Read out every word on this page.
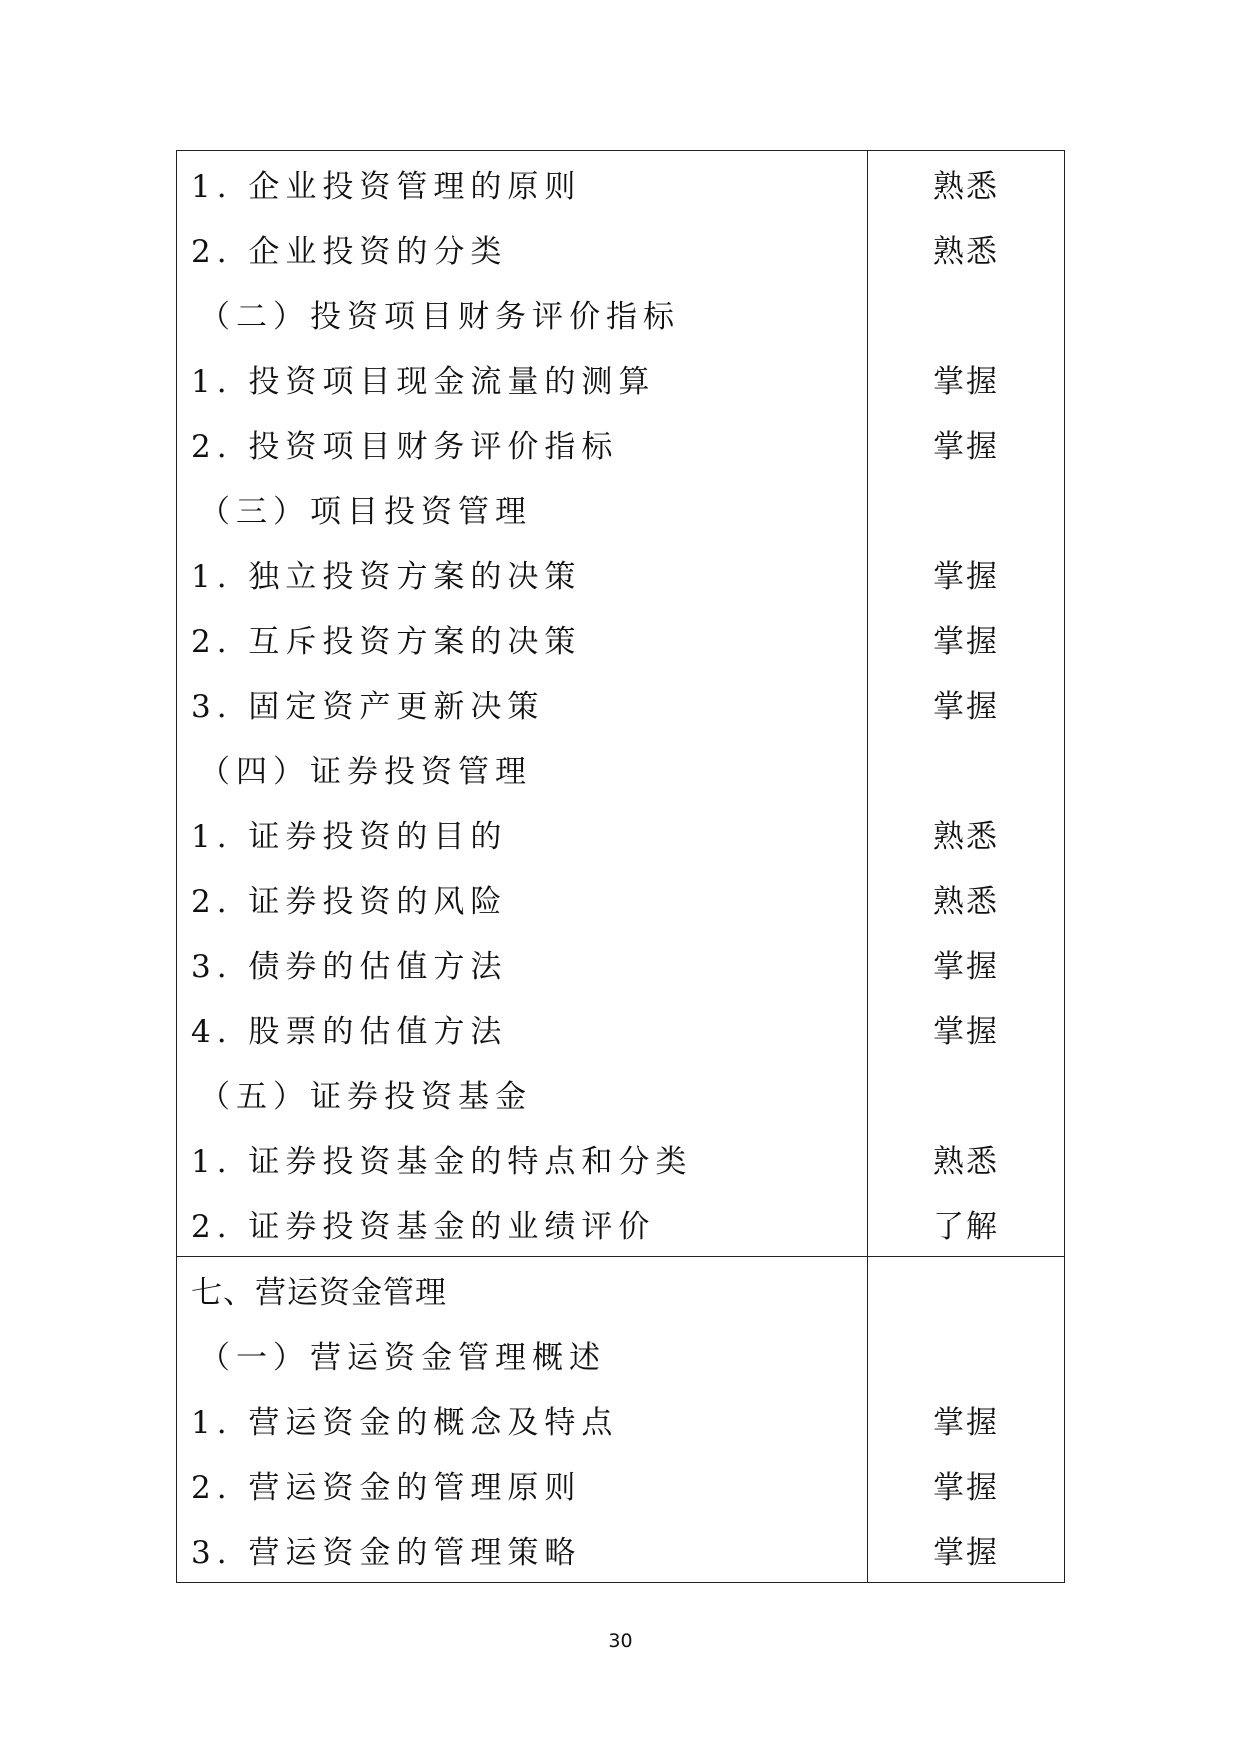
1. 企业投资管理的原则
2. 企业投资的分类
（二）投资项目财务评价指标
1. 投资项目现金流量的测算
2. 投资项目财务评价指标
（三）项目投资管理
1. 独立投资方案的决策
2. 互斥投资方案的决策
3. 固定资产更新决策
（四）证券投资管理
1. 证券投资的目的
2. 证券投资的风险
3. 债券的估值方法
4. 股票的估值方法
（五）证券投资基金
1. 证券投资基金的特点和分类
2. 证券投资基金的业绩评价
熟悉
熟悉
掌握
掌握
掌握
掌握
掌握
熟悉
熟悉
掌握
掌握
熟悉
了解
七、营运资金管理
（一）营运资金管理概述
1. 营运资金的概念及特点
2. 营运资金的管理原则
3. 营运资金的管理策略
掌握
掌握
掌握
30
